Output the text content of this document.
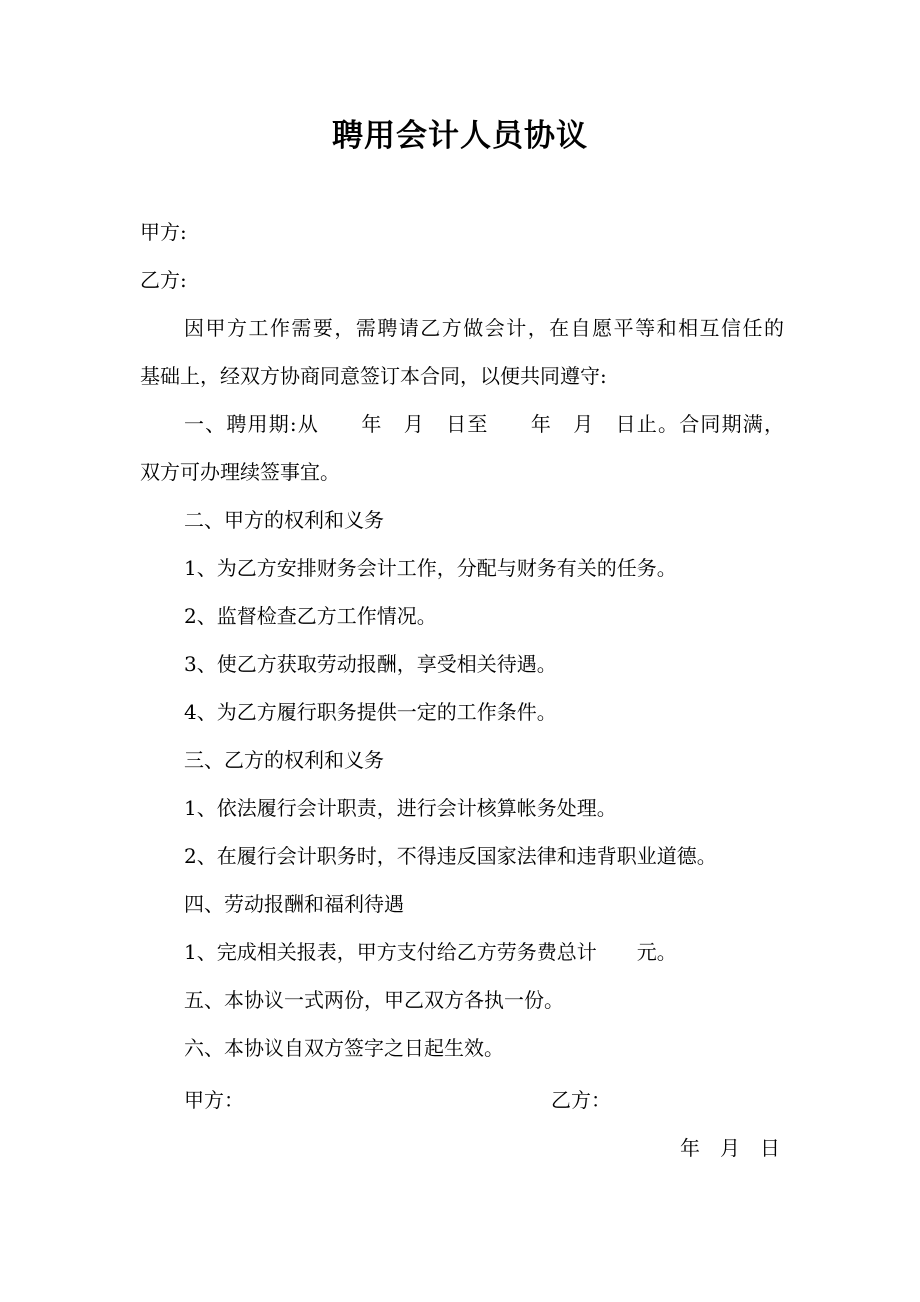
聘用会计人员协议
甲方:
乙方:
因甲方工作需要，需聘请乙方做会计，在自愿平等和相互信任的
基础上，经双方协商同意签订本合同，以便共同遵守:
一、聘用期:从　　年　月　日至　　年　月　日止。合同期满，
双方可办理续签事宜。
二、甲方的权利和义务
1、为乙方安排财务会计工作，分配与财务有关的任务。
2、监督检查乙方工作情况。
3、使乙方获取劳动报酬，享受相关待遇。
4、为乙方履行职务提供一定的工作条件。
三、乙方的权利和义务
1、依法履行会计职责，进行会计核算帐务处理。
2、在履行会计职务时，不得违反国家法律和违背职业道德。
四、劳动报酬和福利待遇
1、完成相关报表，甲方支付给乙方劳务费总计　　元。
五、本协议一式两份，甲乙双方各执一份。
六、本协议自双方签字之日起生效。
甲方：	乙方：
年　月　日
